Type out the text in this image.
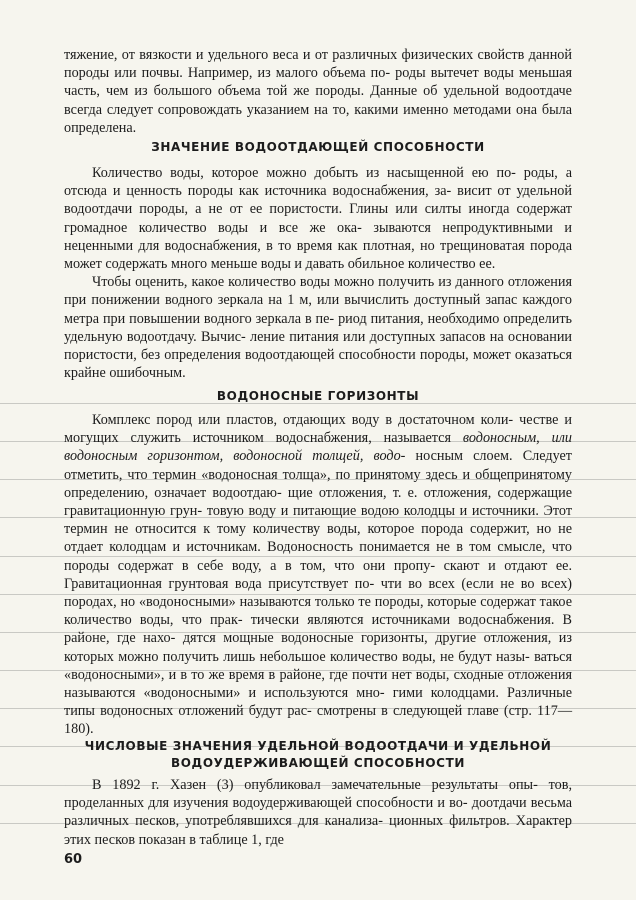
тяжение, от вязкости и удельного веса и от различных физических свойств данной породы или почвы. Например, из малого объема по- роды вытечет воды меньшая часть, чем из большого объема той же породы. Данные об удельной водоотдаче всегда следует сопровождать указанием на то, какими именно методами она была определена.

ЗНАЧЕНИЕ ВОДООТДАЮЩЕЙ СПОСОБНОСТИ

Количество воды, которое можно добыть из насыщенной ею по- роды, а отсюда и ценность породы как источника водоснабжения, за- висит от удельной водоотдачи породы, а не от ее пористости. Глины или силты иногда содержат громадное количество воды и все же ока- зываются непродуктивными и неценными для водоснабжения, в то время как плотная, но трещиноватая порода может содержать много меньше воды и давать обильное количество ее.

Чтобы оценить, какое количество воды можно получить из данного отложения при понижении водного зеркала на 1 м, или вычислить доступный запас каждого метра при повышении водного зеркала в пе- риод питания, необходимо определить удельную водоотдачу. Вычис- ление питания или доступных запасов на основании пористости, без определения водоотдающей способности породы, может оказаться крайне ошибочным.

ВОДОНОСНЫЕ ГОРИЗОНТЫ

Комплекс пород или пластов, отдающих воду в достаточном коли- честве и могущих служить источником водоснабжения, называется водоносным, или водоносным горизонтом, водоносной толщей, водо- носным слоем. Следует отметить, что термин «водоносная толща», по принятому здесь и общепринятому определению, означает водоотдаю- щие отложения, т. е. отложения, содержащие гравитационную грун- товую воду и питающие водою колодцы и источники. Этот термин не относится к тому количеству воды, которое порода содержит, но не отдает колодцам и источникам. Водоносность понимается не в том смысле, что породы содержат в себе воду, а в том, что они пропу- скают и отдают ее. Гравитационная грунтовая вода присутствует по- чти во всех (если не во всех) породах, но «водоносными» называются только те породы, которые содержат такое количество воды, что прак- тически являются источниками водоснабжения. В районе, где нахо- дятся мощные водоносные горизонты, другие отложения, из которых можно получить лишь небольшое количество воды, не будут назы- ваться «водоносными», и в то же время в районе, где почти нет воды, сходные отложения называются «водоносными» и используются мно- гими колодцами. Различные типы водоносных отложений будут рас- смотрены в следующей главе (стр. 117—180).

ЧИСЛОВЫЕ ЗНАЧЕНИЯ УДЕЛЬНОЙ ВОДООТДАЧИ И УДЕЛЬНОЙ
ВОДОУДЕРЖИВАЮЩЕЙ СПОСОБНОСТИ

В 1892 г. Хазен (3) опубликовал замечательные результаты опы- тов, проделанных для изучения водоудерживающей способности и во- доотдачи весьма различных песков, употреблявшихся для канализа- ционных фильтров. Характер этих песков показан в таблице 1, где

60
